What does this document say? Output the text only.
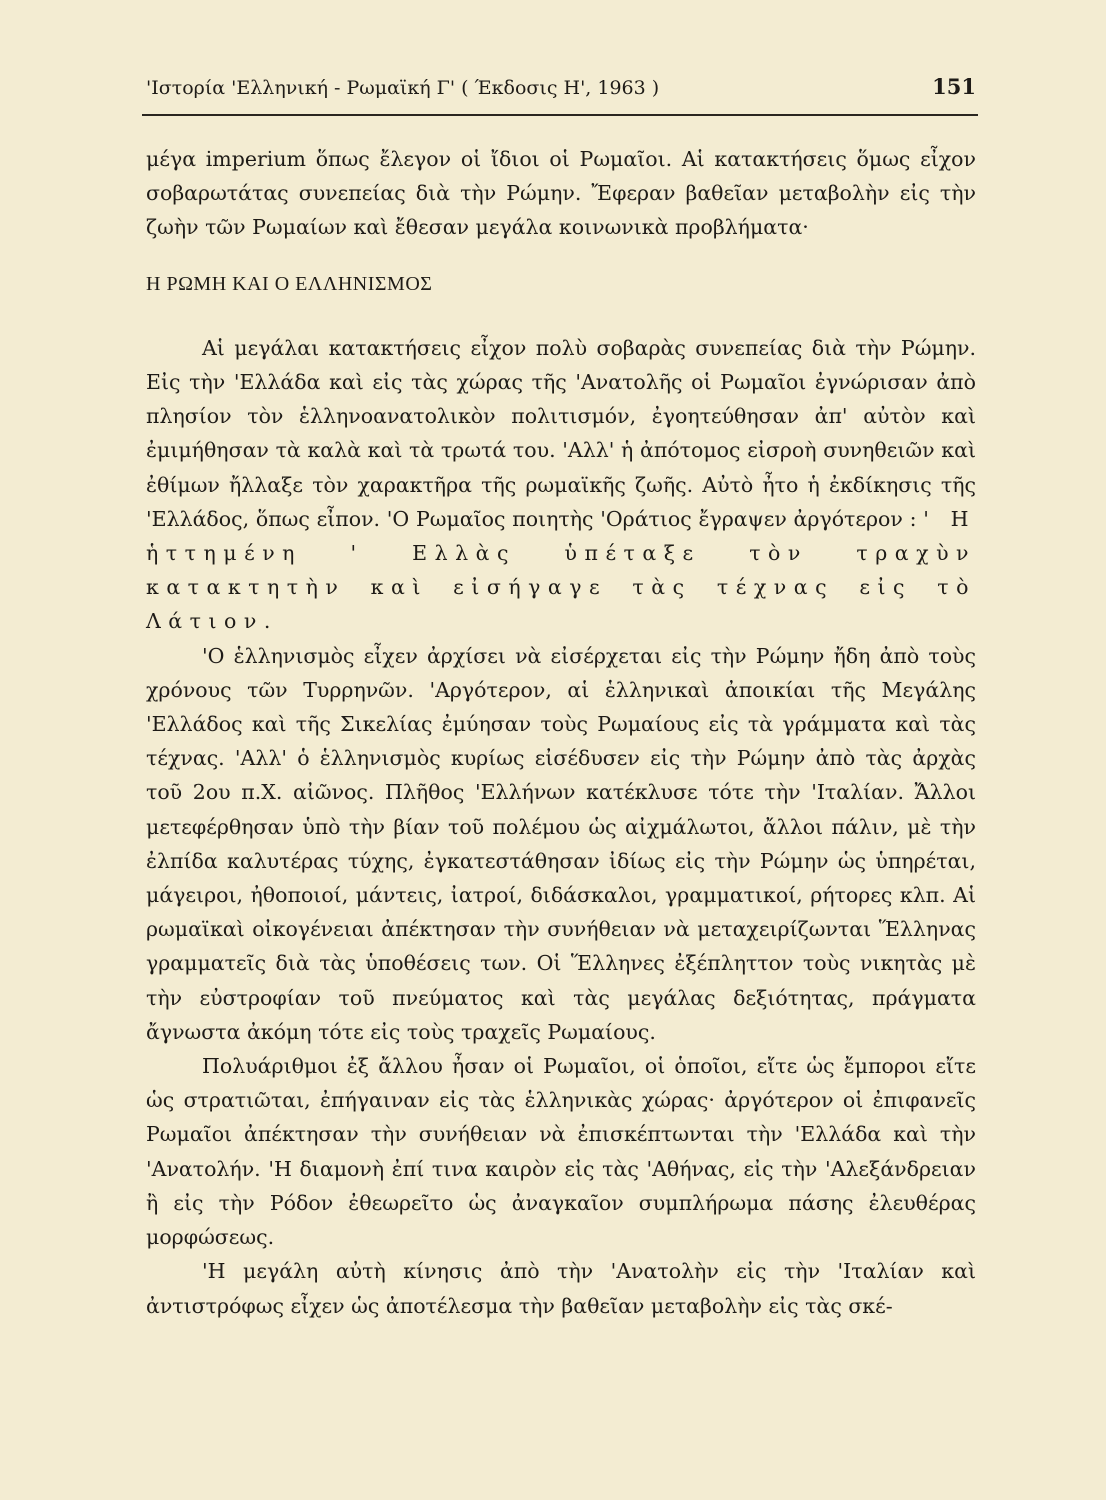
'Ιστορία 'Ελληνική - Ρωμαϊκή Γ' ( Έκδοσις Η', 1963 )	151

μέγα imperium ὅπως ἔλεγον οἱ ἴδιοι οἱ Ρωμαῖοι. Αἱ κατακτήσεις ὅμως εἶχον σοβαρωτάτας συνεπείας διὰ τὴν Ρώμην. Ἔφεραν βαθεῖαν μεταβολὴν εἰς τὴν ζωὴν τῶν Ρωμαίων καὶ ἔθεσαν μεγάλα κοινωνικὰ προβλήματα·

Η ΡΩΜΗ ΚΑΙ Ο ΕΛΛΗΝΙΣΜΟΣ

Αἱ μεγάλαι κατακτήσεις εἶχον πολὺ σοβαρὰς συνεπείας διὰ τὴν Ρώμην. Εἰς τὴν 'Ελλάδα καὶ εἰς τὰς χώρας τῆς 'Ανατολῆς οἱ Ρωμαῖοι ἐγνώρισαν ἀπὸ πλησίον τὸν ἑλληνοανατολικὸν πολιτισμόν, ἐγοητεύθησαν ἀπ' αὐτὸν καὶ ἐμιμήθησαν τὰ καλὰ καὶ τὰ τρωτά του. 'Αλλ' ἡ ἀπότομος εἰσροὴ συνηθειῶν καὶ ἐθίμων ἤλλαξε τὸν χαρακτῆρα τῆς ρωμαϊκῆς ζωῆς. Αὐτὸ ἦτο ἡ ἐκδίκησις τῆς 'Ελλάδος, ὅπως εἶπον. 'Ο Ρωμαῖος ποιητὴς 'Οράτιος ἔγραψεν ἀργότερον : ' Η ἡττημένη ' Ελλὰς ὑπέταξε τὸν τραχὺν κατακτητὴν καὶ εἰσήγαγε τὰς τέχνας εἰς τὸ Λάτιον.

'Ο ἑλληνισμὸς εἶχεν ἀρχίσει νὰ εἰσέρχεται εἰς τὴν Ρώμην ἤδη ἀπὸ τοὺς χρόνους τῶν Τυρρηνῶν. 'Αργότερον, αἱ ἑλληνικαὶ ἀποικίαι τῆς Μεγάλης 'Ελλάδος καὶ τῆς Σικελίας ἐμύησαν τοὺς Ρωμαίους εἰς τὰ γράμματα καὶ τὰς τέχνας. 'Αλλ' ὁ ἑλληνισμὸς κυρίως εἰσέδυσεν εἰς τὴν Ρώμην ἀπὸ τὰς ἀρχὰς τοῦ 2ου π.Χ. αἰῶνος. Πλῆθος 'Ελλήνων κατέκλυσε τότε τὴν 'Ιταλίαν. Ἄλλοι μετεφέρθησαν ὑπὸ τὴν βίαν τοῦ πολέμου ὡς αἰχμάλωτοι, ἄλλοι πάλιν, μὲ τὴν ἐλπίδα καλυτέρας τύχης, ἐγκατεστάθησαν ἰδίως εἰς τὴν Ρώμην ὡς ὑπηρέται, μάγειροι, ἠθοποιοί, μάντεις, ἰατροί, διδάσκαλοι, γραμματικοί, ρήτορες κλπ. Αἱ ρωμαϊκαὶ οἰκογένειαι ἀπέκτησαν τὴν συνήθειαν νὰ μεταχειρίζωνται Ἕλληνας γραμματεῖς διὰ τὰς ὑποθέσεις των. Οἱ Ἕλληνες ἐξέπληττον τοὺς νικητὰς μὲ τὴν εὐστροφίαν τοῦ πνεύματος καὶ τὰς μεγάλας δεξιότητας, πράγματα ἄγνωστα ἀκόμη τότε εἰς τοὺς τραχεῖς Ρωμαίους.

Πολυάριθμοι ἐξ ἄλλου ἦσαν οἱ Ρωμαῖοι, οἱ ὁποῖοι, εἴτε ὡς ἔμποροι εἴτε ὡς στρατιῶται, ἐπήγαιναν εἰς τὰς ἑλληνικὰς χώρας· ἀργότερον οἱ ἐπιφανεῖς Ρωμαῖοι ἀπέκτησαν τὴν συνήθειαν νὰ ἐπισκέπτωνται τὴν 'Ελλάδα καὶ τὴν 'Ανατολήν. 'Η διαμονὴ ἐπί τινα καιρὸν εἰς τὰς 'Αθήνας, εἰς τὴν 'Αλεξάνδρειαν ἢ εἰς τὴν Ρόδον ἐθεωρεῖτο ὡς ἀναγκαῖον συμπλήρωμα πάσης ἐλευθέρας μορφώσεως.

'Η μεγάλη αὐτὴ κίνησις ἀπὸ τὴν 'Ανατολὴν εἰς τὴν 'Ιταλίαν καὶ ἀντιστρόφως εἶχεν ὡς ἀποτέλεσμα τὴν βαθεῖαν μεταβολὴν εἰς τὰς σκέ-
